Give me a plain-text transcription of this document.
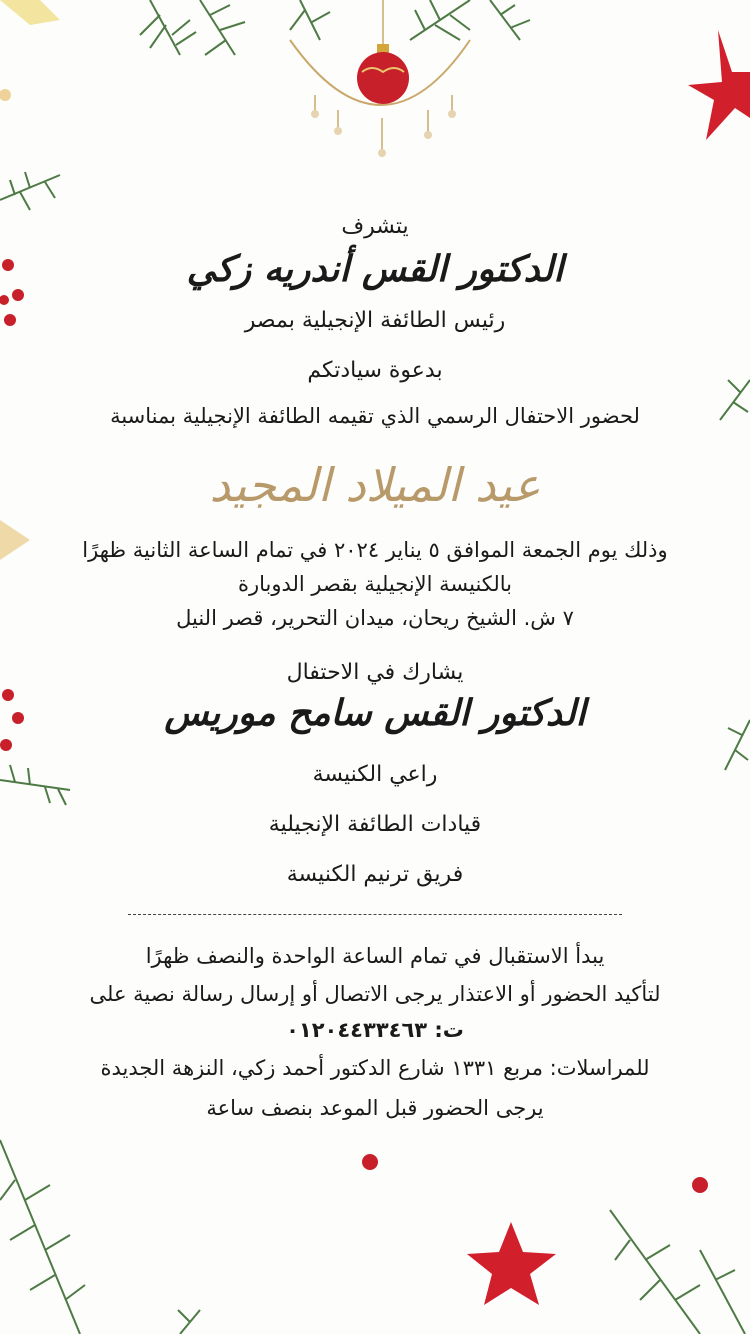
يتشرف
الدكتور القس أندريه زكي
رئيس الطائفة الإنجيلية بمصر
بدعوة سيادتكم
لحضور الاحتفال الرسمي الذي تقيمه الطائفة الإنجيلية بمناسبة
عيد الميلاد المجيد
وذلك يوم الجمعة الموافق ٥ يناير ٢٠٢٤ في تمام الساعة الثانية ظهرًا
بالكنيسة الإنجيلية بقصر الدوبارة
٧ ش. الشيخ ريحان، ميدان التحرير، قصر النيل
يشارك في الاحتفال
الدكتور القس سامح موريس
راعي الكنيسة
قيادات الطائفة الإنجيلية
فريق ترنيم الكنيسة
يبدأ الاستقبال في تمام الساعة الواحدة والنصف ظهرًا
لتأكيد الحضور أو الاعتذار يرجى الاتصال أو إرسال رسالة نصية على
ت: ٠١٢٠٤٤٣٣٤٦٣
للمراسلات: مربع ١٣٣١ شارع الدكتور أحمد زكي، النزهة الجديدة
يرجى الحضور قبل الموعد بنصف ساعة
